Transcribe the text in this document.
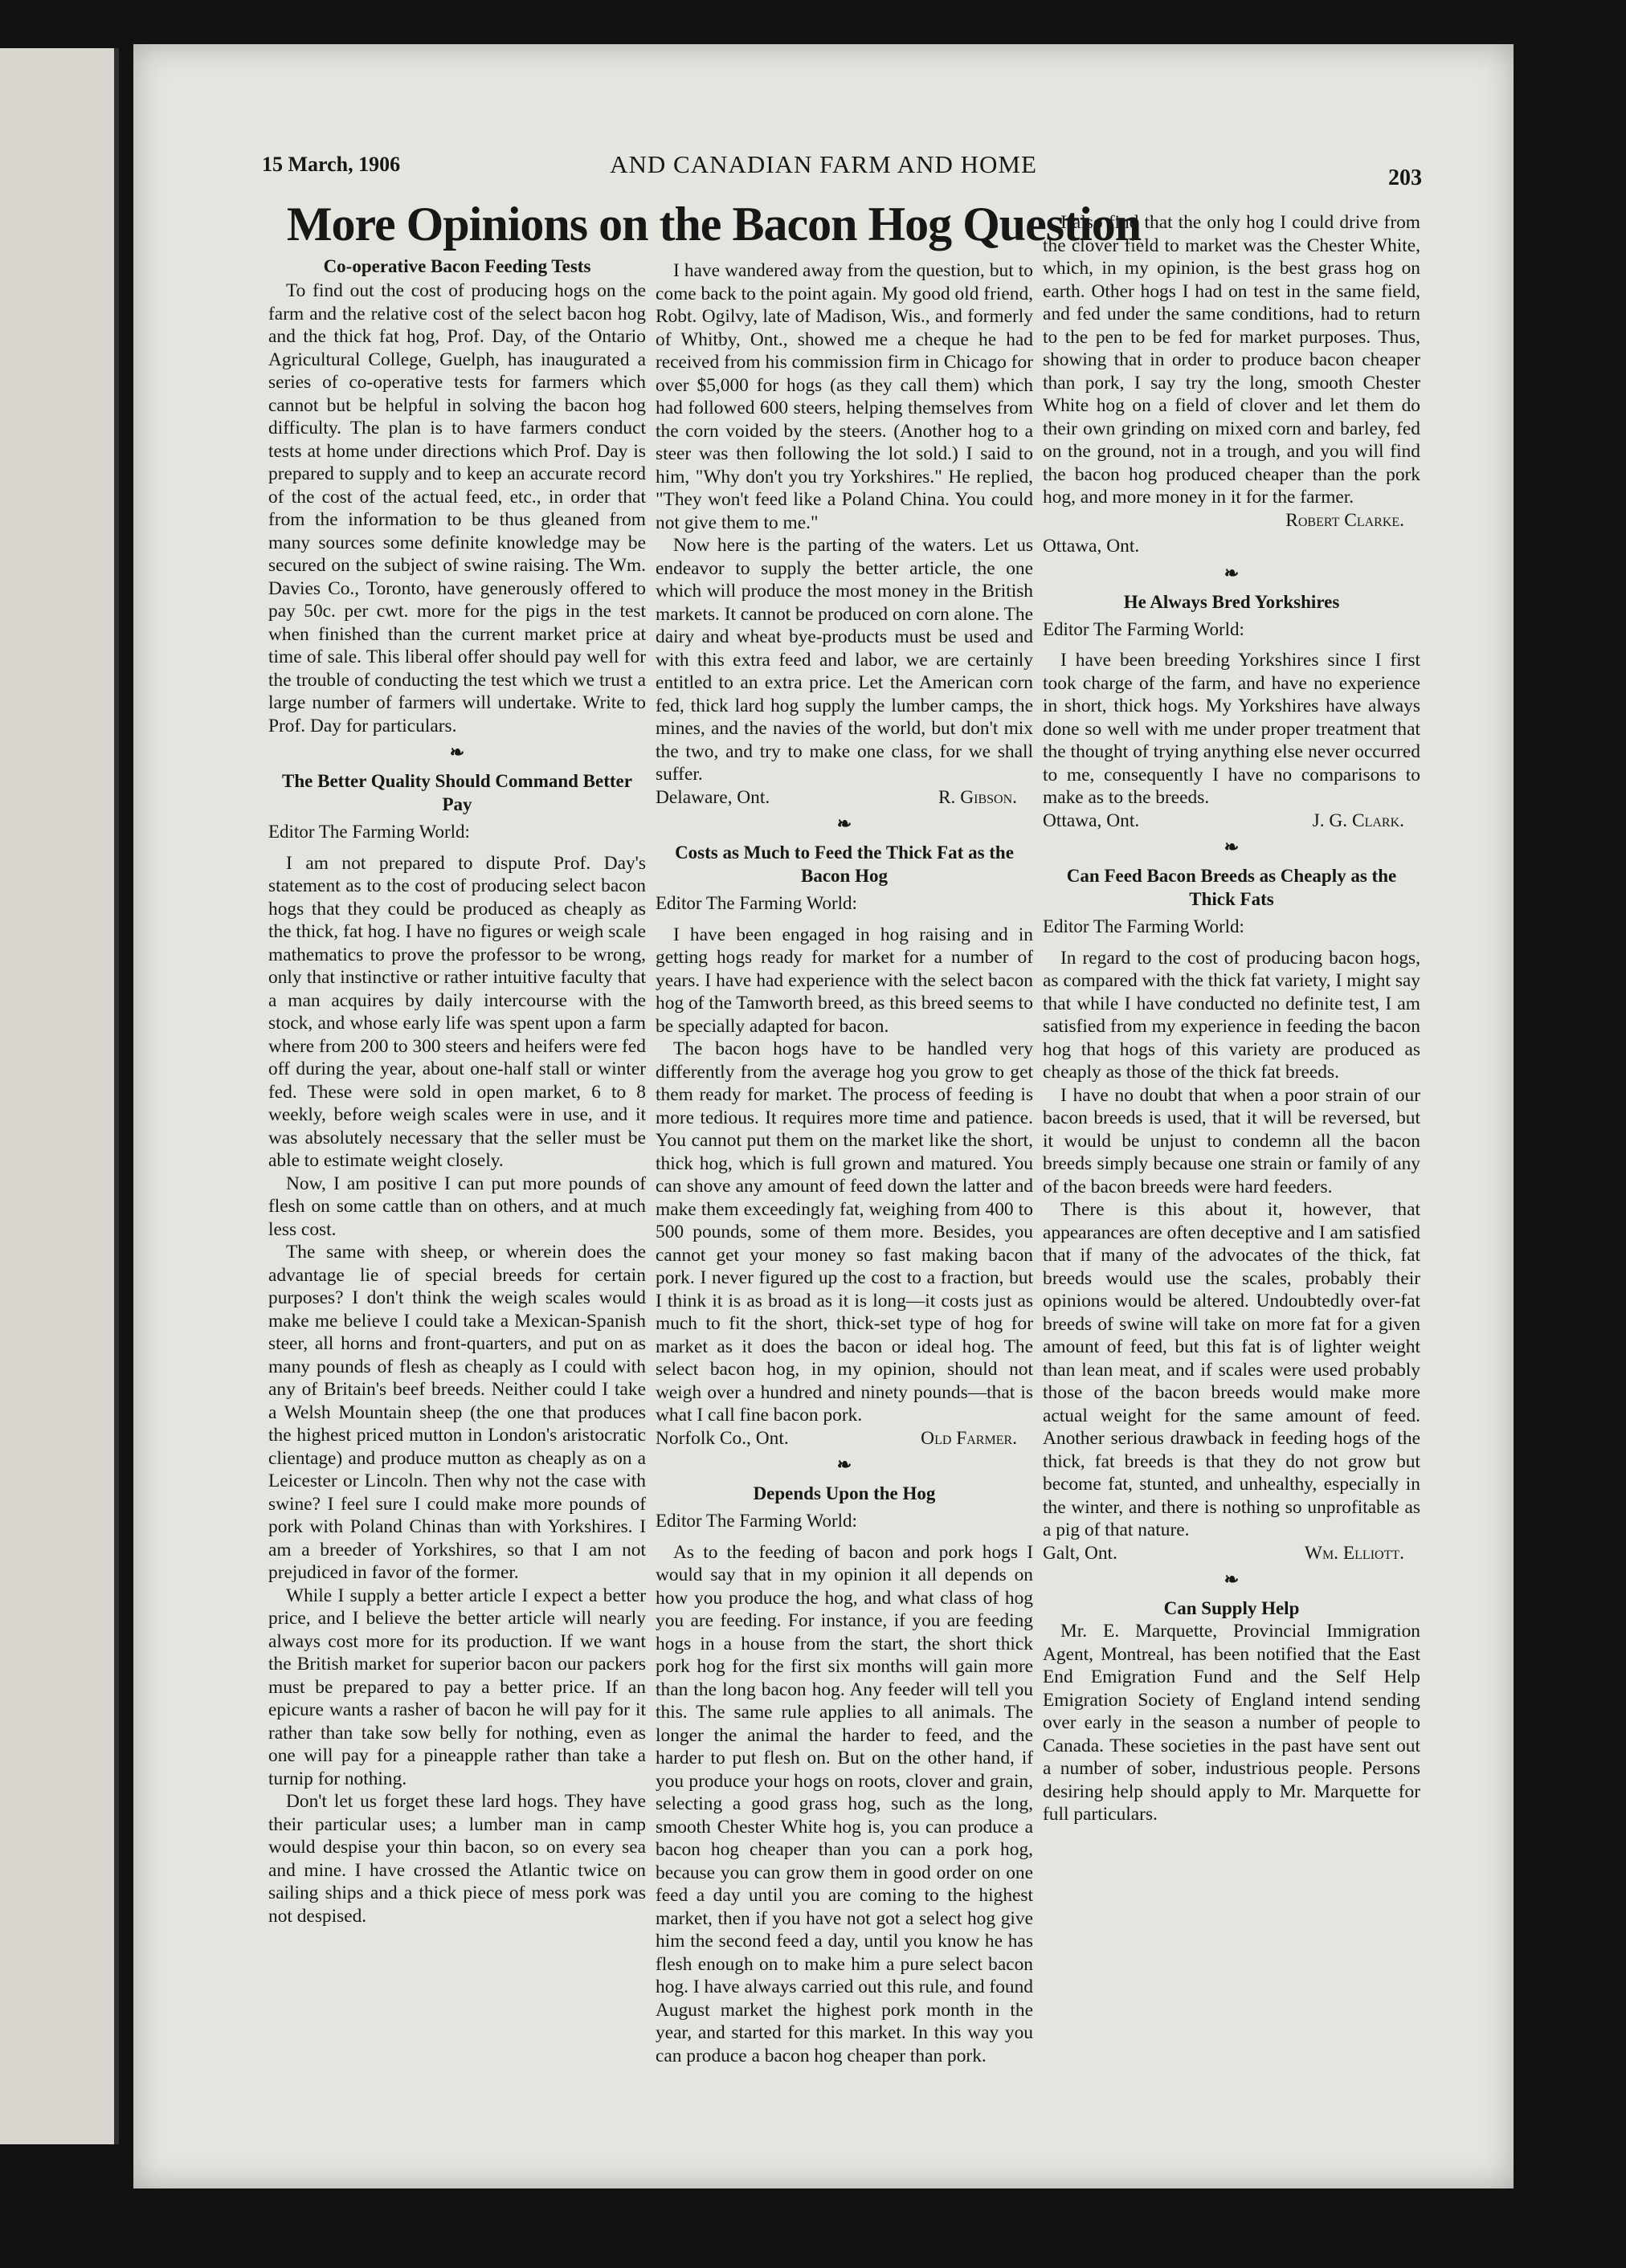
AND CANADIAN FARM AND HOME
15 March, 1906
203
More Opinions on the Bacon Hog Question

Co-operative Bacon Feeding Tests

To find out the cost of producing hogs on the farm and the relative cost of the select bacon hog and the thick fat hog, Prof. Day, of the Ontario Agricultural College, Guelph, has inaugurated a series of co-operative tests for farmers which cannot but be helpful in solving the bacon hog difficulty. The plan is to have farmers conduct tests at home under directions which Prof. Day is prepared to supply and to keep an accurate record of the cost of the actual feed, etc., in order that from the information to be thus gleaned from many sources some definite knowledge may be secured on the subject of swine raising. The Wm. Davies Co., Toronto, have generously offered to pay 50c. per cwt. more for the pigs in the test when finished than the current market price at time of sale. This liberal offer should pay well for the trouble of conducting the test which we trust a large number of farmers will undertake. Write to Prof. Day for particulars.

❧

The Better Quality Should Command Better Pay

Editor The Farming World:

I am not prepared to dispute Prof. Day's statement as to the cost of producing select bacon hogs that they could be produced as cheaply as the thick, fat hog. I have no figures or weigh scale mathematics to prove the professor to be wrong, only that instinctive or rather intuitive faculty that a man acquires by daily intercourse with the stock, and whose early life was spent upon a farm where from 200 to 300 steers and heifers were fed off during the year, about one-half stall or winter fed. These were sold in open market, 6 to 8 weekly, before weigh scales were in use, and it was absolutely necessary that the seller must be able to estimate weight closely.

Now, I am positive I can put more pounds of flesh on some cattle than on others, and at much less cost.

The same with sheep, or wherein does the advantage lie of special breeds for certain purposes? I don't think the weigh scales would make me believe I could take a Mexican-Spanish steer, all horns and front-quarters, and put on as many pounds of flesh as cheaply as I could with any of Britain's beef breeds. Neither could I take a Welsh Mountain sheep (the one that produces the highest priced mutton in London's aristocratic clientage) and produce mutton as cheaply as on a Leicester or Lincoln. Then why not the case with swine? I feel sure I could make more pounds of pork with Poland Chinas than with Yorkshires. I am a breeder of Yorkshires, so that I am not prejudiced in favor of the former.

While I supply a better article I expect a better price, and I believe the better article will nearly always cost more for its production. If we want the British market for superior bacon our packers must be prepared to pay a better price. If an epicure wants a rasher of bacon he will pay for it rather than take sow belly for nothing, even as one will pay for a pineapple rather than take a turnip for nothing.

Don't let us forget these lard hogs. They have their particular uses; a lumber man in camp would despise your thin bacon, so on every sea and mine. I have crossed the Atlantic twice on sailing ships and a thick piece of mess pork was not despised.

I have wandered away from the question, but to come back to the point again. My good old friend, Robt. Ogilvy, late of Madison, Wis., and formerly of Whitby, Ont., showed me a cheque he had received from his commission firm in Chicago for over $5,000 for hogs (as they call them) which had followed 600 steers, helping themselves from the corn voided by the steers. (Another hog to a steer was then following the lot sold.) I said to him, "Why don't you try Yorkshires." He replied, "They won't feed like a Poland China. You could not give them to me."

Now here is the parting of the waters. Let us endeavor to supply the better article, the one which will produce the most money in the British markets. It cannot be produced on corn alone. The dairy and wheat bye-products must be used and with this extra feed and labor, we are certainly entitled to an extra price. Let the American corn fed, thick lard hog supply the lumber camps, the mines, and the navies of the world, but don't mix the two, and try to make one class, for we shall suffer.

Delaware, Ont.	R. Gibson.
❧

Costs as Much to Feed the Thick Fat as the Bacon Hog

Editor The Farming World:

I have been engaged in hog raising and in getting hogs ready for market for a number of years. I have had experience with the select bacon hog of the Tamworth breed, as this breed seems to be specially adapted for bacon.

The bacon hogs have to be handled very differently from the average hog you grow to get them ready for market. The process of feeding is more tedious. It requires more time and patience. You cannot put them on the market like the short, thick hog, which is full grown and matured. You can shove any amount of feed down the latter and make them exceedingly fat, weighing from 400 to 500 pounds, some of them more. Besides, you cannot get your money so fast making bacon pork. I never figured up the cost to a fraction, but I think it is as broad as it is long—it costs just as much to fit the short, thick-set type of hog for market as it does the bacon or ideal hog. The select bacon hog, in my opinion, should not weigh over a hundred and ninety pounds—that is what I call fine bacon pork.

Norfolk Co., Ont.	Old Farmer.
❧

Depends Upon the Hog

Editor The Farming World:

As to the feeding of bacon and pork hogs I would say that in my opinion it all depends on how you produce the hog, and what class of hog you are feeding. For instance, if you are feeding hogs in a house from the start, the short thick pork hog for the first six months will gain more than the long bacon hog. Any feeder will tell you this. The same rule applies to all animals. The longer the animal the harder to feed, and the harder to put flesh on. But on the other hand, if you produce your hogs on roots, clover and grain, selecting a good grass hog, such as the long, smooth Chester White hog is, you can produce a bacon hog cheaper than you can a pork hog, because you can grow them in good order on one feed a day until you are coming to the highest market, then if you have not got a select hog give him the second feed a day, until you know he has flesh enough on to make him a pure select bacon hog. I have always carried out this rule, and found August market the highest pork month in the year, and started for this market. In this way you can produce a bacon hog cheaper than pork.

I also find that the only hog I could drive from the clover field to market was the Chester White, which, in my opinion, is the best grass hog on earth. Other hogs I had on test in the same field, and fed under the same conditions, had to return to the pen to be fed for market purposes. Thus, showing that in order to produce bacon cheaper than pork, I say try the long, smooth Chester White hog on a field of clover and let them do their own grinding on mixed corn and barley, fed on the ground, not in a trough, and you will find the bacon hog produced cheaper than the pork hog, and more money in it for the farmer.

Robert Clarke.

Ottawa, Ont.

❧

He Always Bred Yorkshires

Editor The Farming World:

I have been breeding Yorkshires since I first took charge of the farm, and have no experience in short, thick hogs. My Yorkshires have always done so well with me under proper treatment that the thought of trying anything else never occurred to me, consequently I have no comparisons to make as to the breeds.

Ottawa, Ont.	J. G. Clark.
❧

Can Feed Bacon Breeds as Cheaply as the Thick Fats

Editor The Farming World:

In regard to the cost of producing bacon hogs, as compared with the thick fat variety, I might say that while I have conducted no definite test, I am satisfied from my experience in feeding the bacon hog that hogs of this variety are produced as cheaply as those of the thick fat breeds.

I have no doubt that when a poor strain of our bacon breeds is used, that it will be reversed, but it would be unjust to condemn all the bacon breeds simply because one strain or family of any of the bacon breeds were hard feeders.

There is this about it, however, that appearances are often deceptive and I am satisfied that if many of the advocates of the thick, fat breeds would use the scales, probably their opinions would be altered. Undoubtedly over-fat breeds of swine will take on more fat for a given amount of feed, but this fat is of lighter weight than lean meat, and if scales were used probably those of the bacon breeds would make more actual weight for the same amount of feed. Another serious drawback in feeding hogs of the thick, fat breeds is that they do not grow but become fat, stunted, and unhealthy, especially in the winter, and there is nothing so unprofitable as a pig of that nature.

Galt, Ont.	Wm. Elliott.
❧

Can Supply Help

Mr. E. Marquette, Provincial Immigration Agent, Montreal, has been notified that the East End Emigration Fund and the Self Help Emigration Society of England intend sending over early in the season a number of people to Canada. These societies in the past have sent out a number of sober, industrious people. Persons desiring help should apply to Mr. Marquette for full particulars.
